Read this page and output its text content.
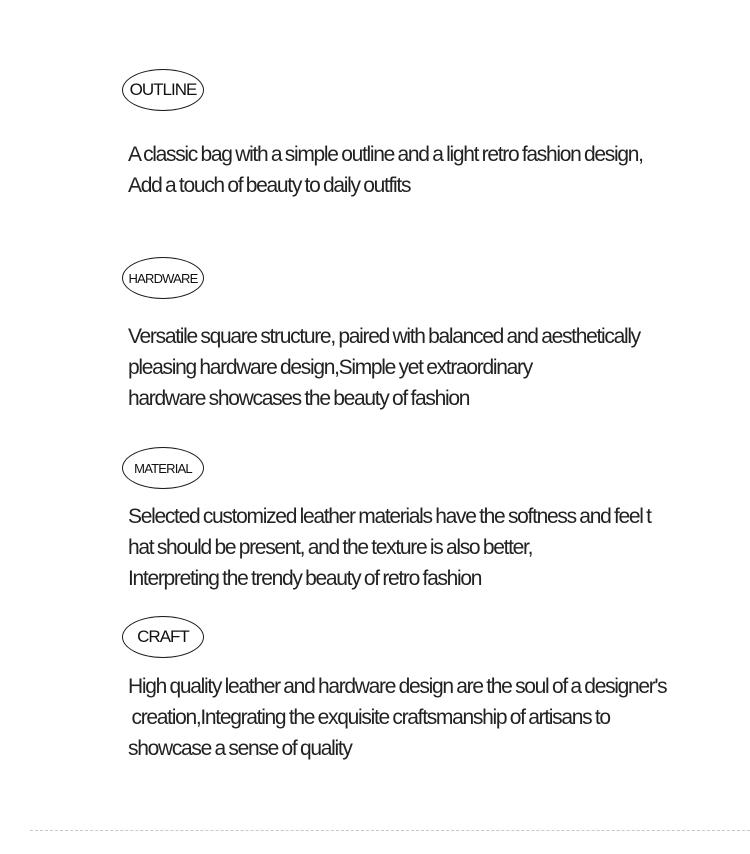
OUTLINE
A classic bag with a simple outline and a light retro fashion design,
Add a touch of beauty to daily outfits
HARDWARE
Versatile square structure, paired with balanced and aesthetically
pleasing hardware design,Simple yet extraordinary
hardware showcases the beauty of fashion
MATERIAL
Selected customized leather materials have the softness and feel t
hat should be present, and the texture is also better,
Interpreting the trendy beauty of retro fashion
CRAFT
High quality leather and hardware design are the soul of a designer's
creation,Integrating the exquisite craftsmanship of artisans to
showcase a sense of quality
